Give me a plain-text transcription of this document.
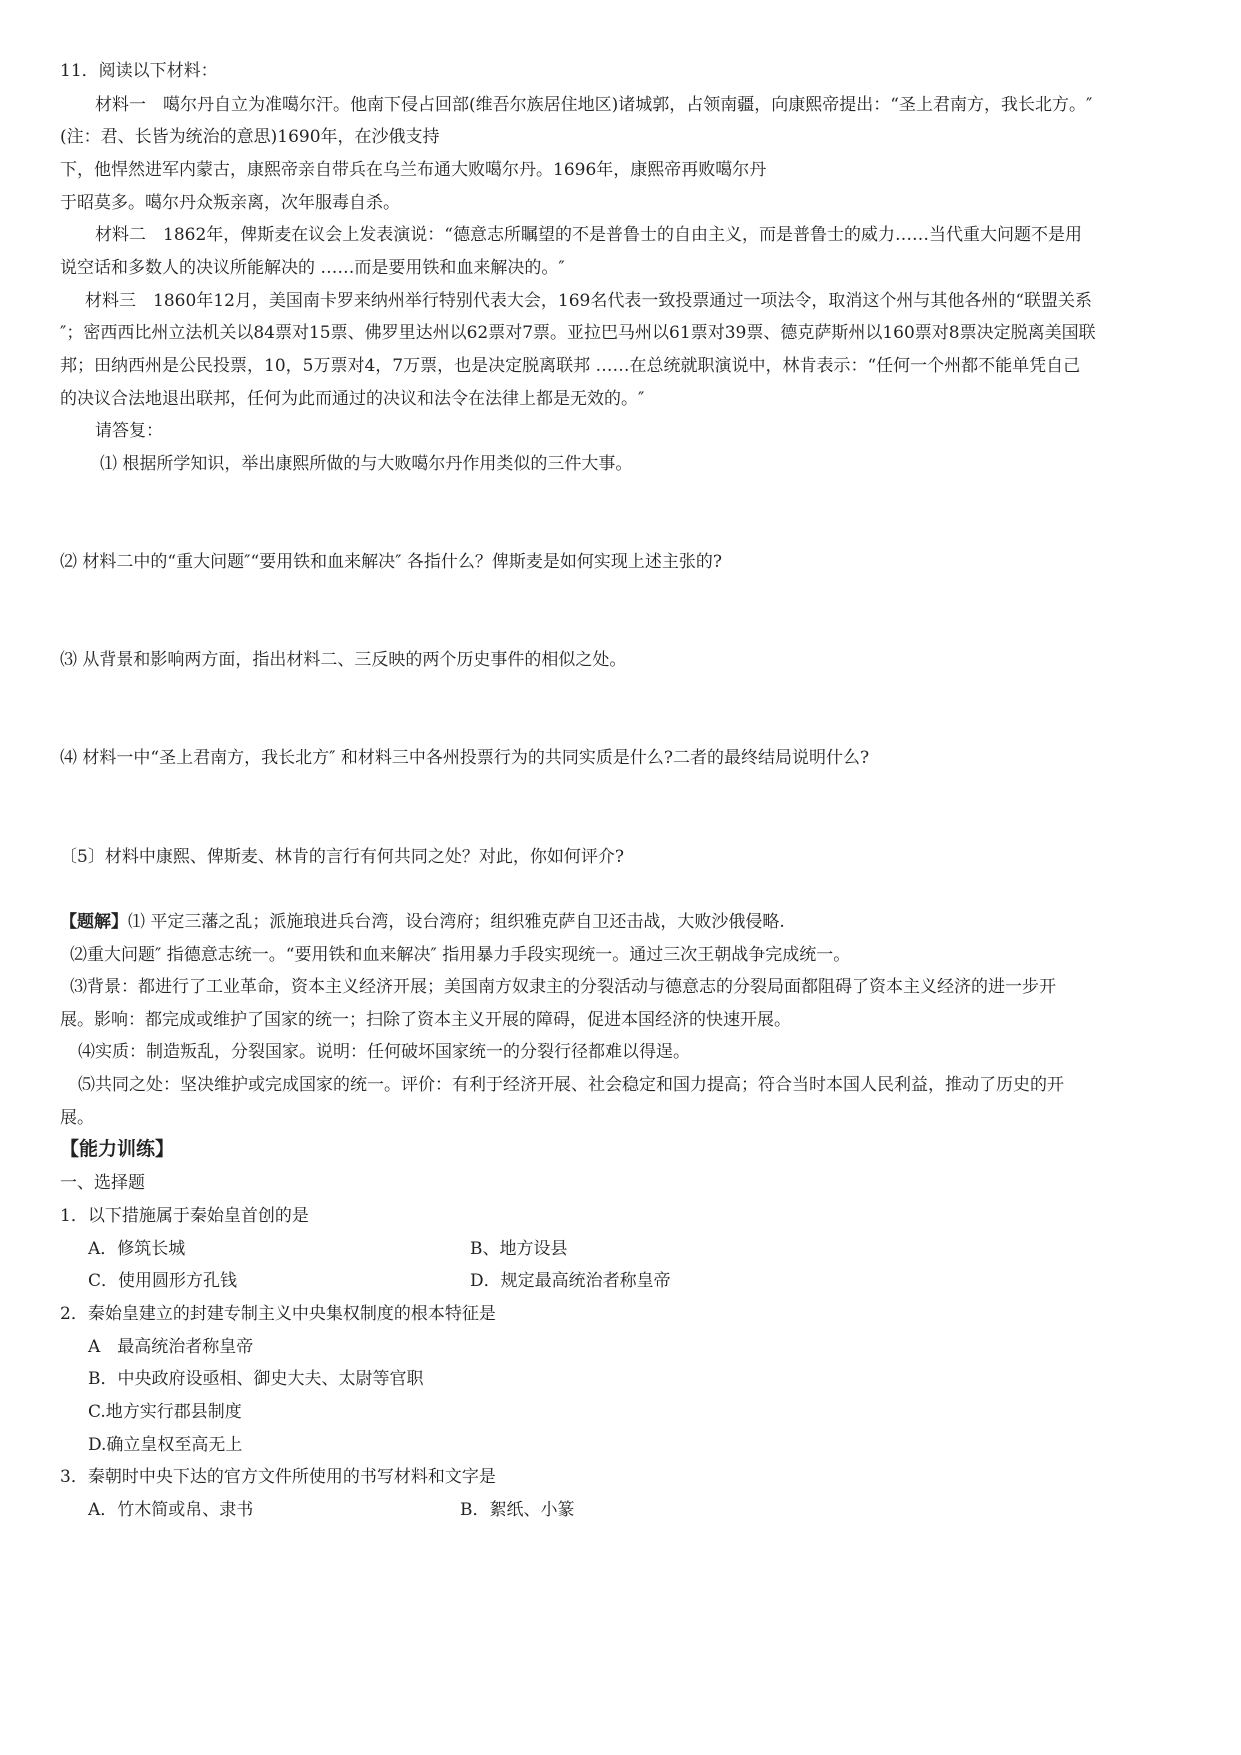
11．阅读以下材料：
材料一　噶尔丹自立为准噶尔汗。他南下侵占回部(维吾尔族居住地区)诸城郭，占领南疆，向康熙帝提出：“圣上君南方，我长北方。″
(注：君、长皆为统治的意思)1690年，在沙俄支持
下，他悍然进军内蒙古，康熙帝亲自带兵在乌兰布通大败噶尔丹。1696年，康熙帝再败噶尔丹
于昭莫多。噶尔丹众叛亲离，次年服毒自杀。
材料二　1862年，俾斯麦在议会上发表演说：“德意志所瞩望的不是普鲁士的自由主义，而是普鲁士的威力……当代重大问题不是用
说空话和多数人的决议所能解决的 ……而是要用铁和血来解决的。″
材料三　1860年12月，美国南卡罗来纳州举行特别代表大会，169名代表一致投票通过一项法令，取消这个州与其他各州的“联盟关系
″；密西西比州立法机关以84票对15票、佛罗里达州以62票对7票。亚拉巴马州以61票对39票、德克萨斯州以160票对8票决定脱离美国联
邦；田纳西州是公民投票，10，5万票对4，7万票，也是决定脱离联邦 ……在总统就职演说中，林肯表示：“任何一个州都不能单凭自己
的决议合法地退出联邦，任何为此而通过的决议和法令在法律上都是无效的。″
请答复：
⑴ 根据所学知识，举出康熙所做的与大败噶尔丹作用类似的三件大事。
⑵ 材料二中的“重大问题″“要用铁和血来解决″ 各指什么？俾斯麦是如何实现上述主张的?
⑶ 从背景和影响两方面，指出材料二、三反映的两个历史事件的相似之处。
⑷ 材料一中“圣上君南方，我长北方″ 和材料三中各州投票行为的共同实质是什么?二者的最终结局说明什么?
〔5〕材料中康熙、俾斯麦、林肯的言行有何共同之处？对此，你如何评介?
【题解】⑴ 平定三藩之乱；派施琅进兵台湾，设台湾府；组织雅克萨自卫还击战，大败沙俄侵略.
⑵重大问题″ 指德意志统一。“要用铁和血来解决″ 指用暴力手段实现统一。通过三次王朝战争完成统一。
⑶背景：都进行了工业革命，资本主义经济开展；美国南方奴隶主的分裂活动与德意志的分裂局面都阻碍了资本主义经济的进一步开
展。影响：都完成或维护了国家的统一；扫除了资本主义开展的障碍，促进本国经济的快速开展。
⑷实质：制造叛乱，分裂国家。说明：任何破坏国家统一的分裂行径都难以得逞。
⑸共同之处：坚决维护或完成国家的统一。评价：有利于经济开展、社会稳定和国力提高；符合当时本国人民利益，推动了历史的开
展。
【能力训练】
一、选择题
1．以下措施属于秦始皇首创的是
A．修筑长城	B、地方设县
C．使用圆形方孔钱	D．规定最高统治者称皇帝
2．秦始皇建立的封建专制主义中央集权制度的根本特征是
A　最高统治者称皇帝
B．中央政府设亟相、御史大夫、太尉等官职
C.地方实行郡县制度
D.确立皇权至高无上
3．秦朝时中央下达的官方文件所使用的书写材料和文字是
A．竹木简或帛、隶书	B．絮纸、小篆
